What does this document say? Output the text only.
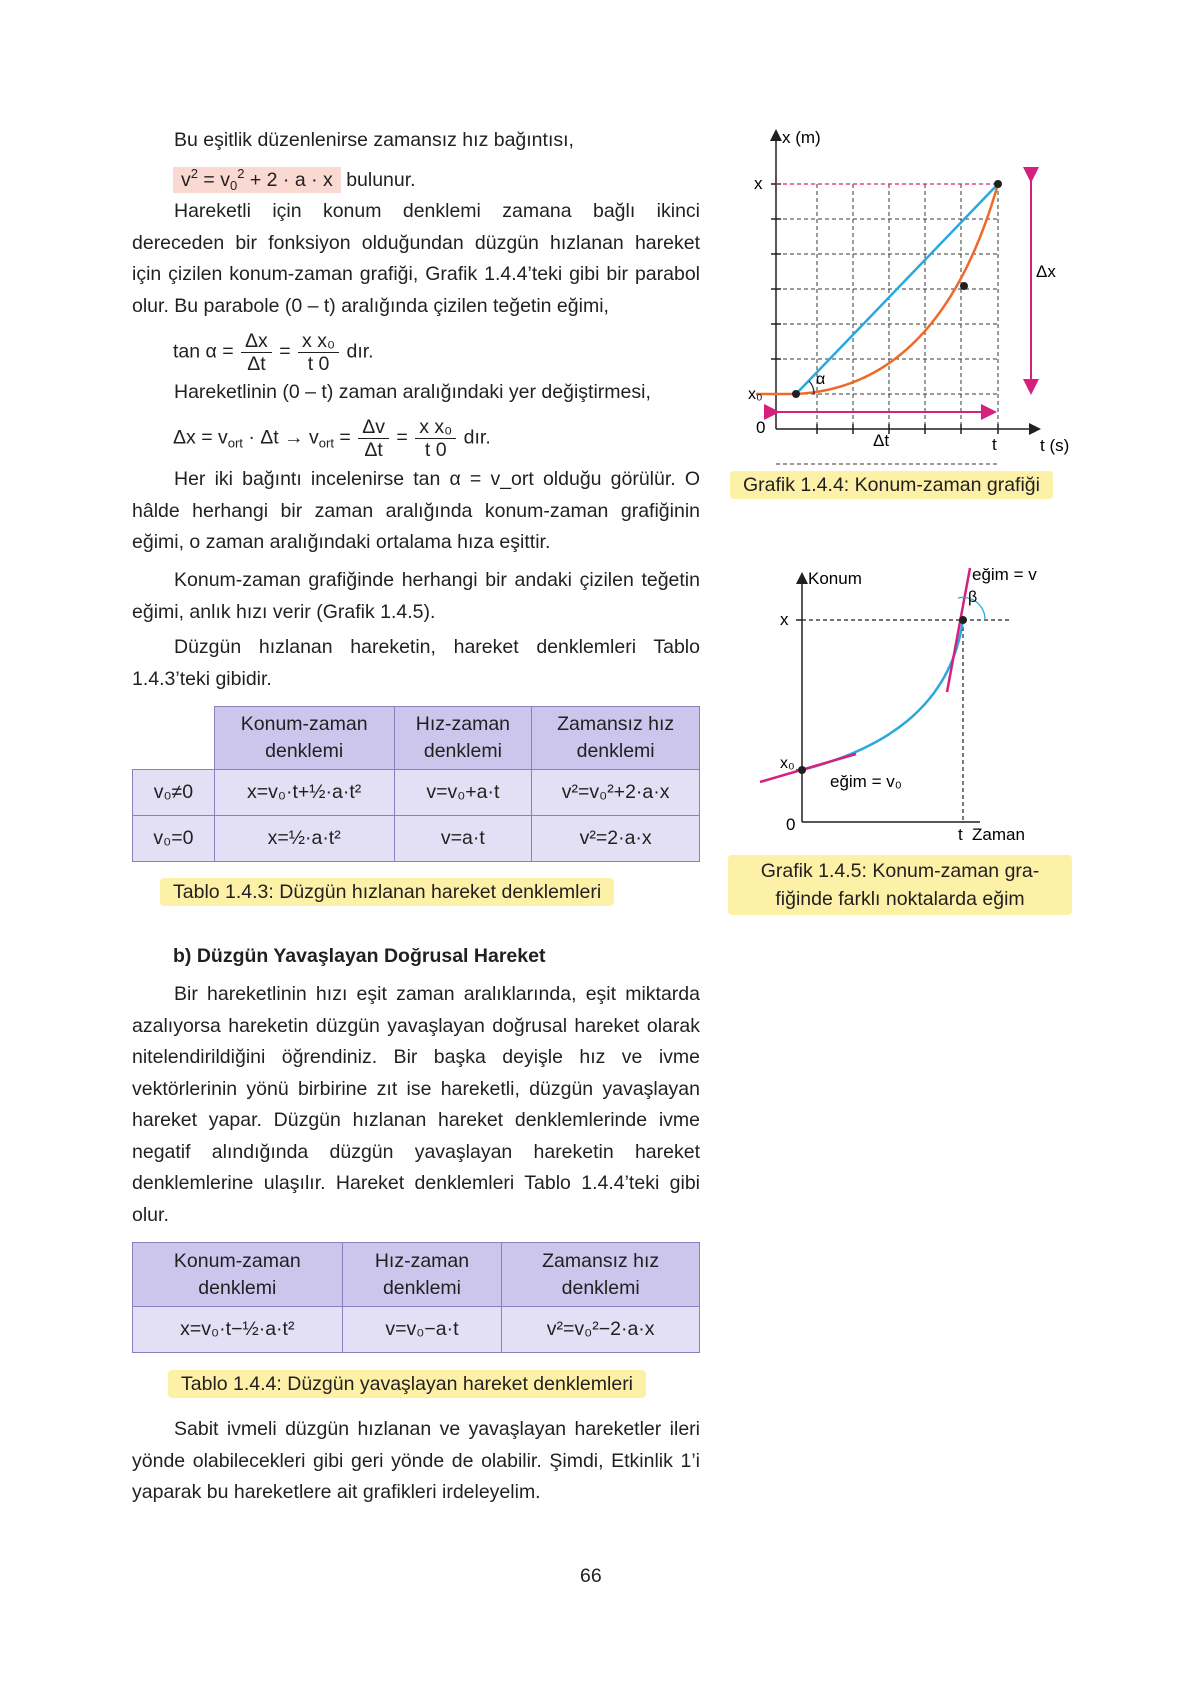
Bu eşitlik düzenlenirse zamansız hız bağıntısı,

$v^2 = v_0^2 + 2 \cdot a \cdot x$ bulunur.

Hareketli için konum denklemi zamana bağlı ikinci dereceden bir fonksiyon olduğundan düzgün hızlanan hareket için çizilen konum-zaman grafiği, Grafik 1.4.4’teki gibi bir parabol olur. Bu parabole (0 – t) aralığında çizilen teğetin eğimi,

$\tan \alpha = \frac{\Delta x}{\Delta t} = \frac{\text{x x₀}}{t 0}$ dır.

Hareketlinin (0 – t) zaman aralığındaki yer değiştirmesi,

$\Delta x = v_{ort} \cdot \Delta t \to v_{ort} = \frac{\Delta v}{\Delta t} = \frac{\text{x x₀}}{t 0}$ dır.

Her iki bağıntı incelenirse tan α = v_ort olduğu görülür. O hâlde herhangi bir zaman aralığında konum-zaman grafiğinin eğimi, o zaman aralığındaki ortalama hıza eşittir.

Konum-zaman grafiğinde herhangi bir andaki çizilen teğetin eğimi, anlık hızı verir (Grafik 1.4.5).

Düzgün hızlanan hareketin, hareket denklemleri Tablo 1.4.3’teki gibidir.

	Konum-zaman denklemi	Hız-zaman denklemi	Zamansız hız denklemi
v₀≠0	x=v₀·t+½·a·t²	v=v₀+a·t	v²=v₀²+2·a·x
v₀=0	x=½·a·t²	v=a·t	v²=2·a·x
Tablo 1.4.3: Düzgün hızlanan hareket denklemleri
b) Düzgün Yavaşlayan Doğrusal Hareket

Bir hareketlinin hızı eşit zaman aralıklarında, eşit miktarda azalıyorsa hareketin düzgün yavaşlayan doğrusal hareket olarak nitelendirildiğini öğrendiniz. Bir başka deyişle hız ve ivme vektörlerinin yönü birbirine zıt ise hareketli, düzgün yavaşlayan hareket yapar. Düzgün hızlanan hareket denklemlerinde ivme negatif alındığında düzgün yavaşlayan hareketin hareket denklemlerine ulaşılır. Hareket denklemleri Tablo 1.4.4’teki gibi olur.

Konum-zaman denklemi	Hız-zaman denklemi	Zamansız hız denklemi
x=v₀·t−½·a·t²	v=v₀−a·t	v²=v₀²−2·a·x
Tablo 1.4.4: Düzgün yavaşlayan hareket denklemleri

Sabit ivmeli düzgün hızlanan ve yavaşlayan hareketler ileri yönde olabilecekleri gibi geri yönde de olabilir. Şimdi, Etkinlik 1’i yaparak bu hareketlere ait grafikleri irdeleyelim.

α
Δx
Δt
x (m)
t (s)
x
x₀
0
t
Grafik 1.4.4: Konum-zaman grafiği
β
Konum
Zaman
x
x₀
0
t
eğim = v
eğim = v₀
Grafik 1.4.5: Konum-zaman gra-
fiğinde farklı noktalarda eğim
66
